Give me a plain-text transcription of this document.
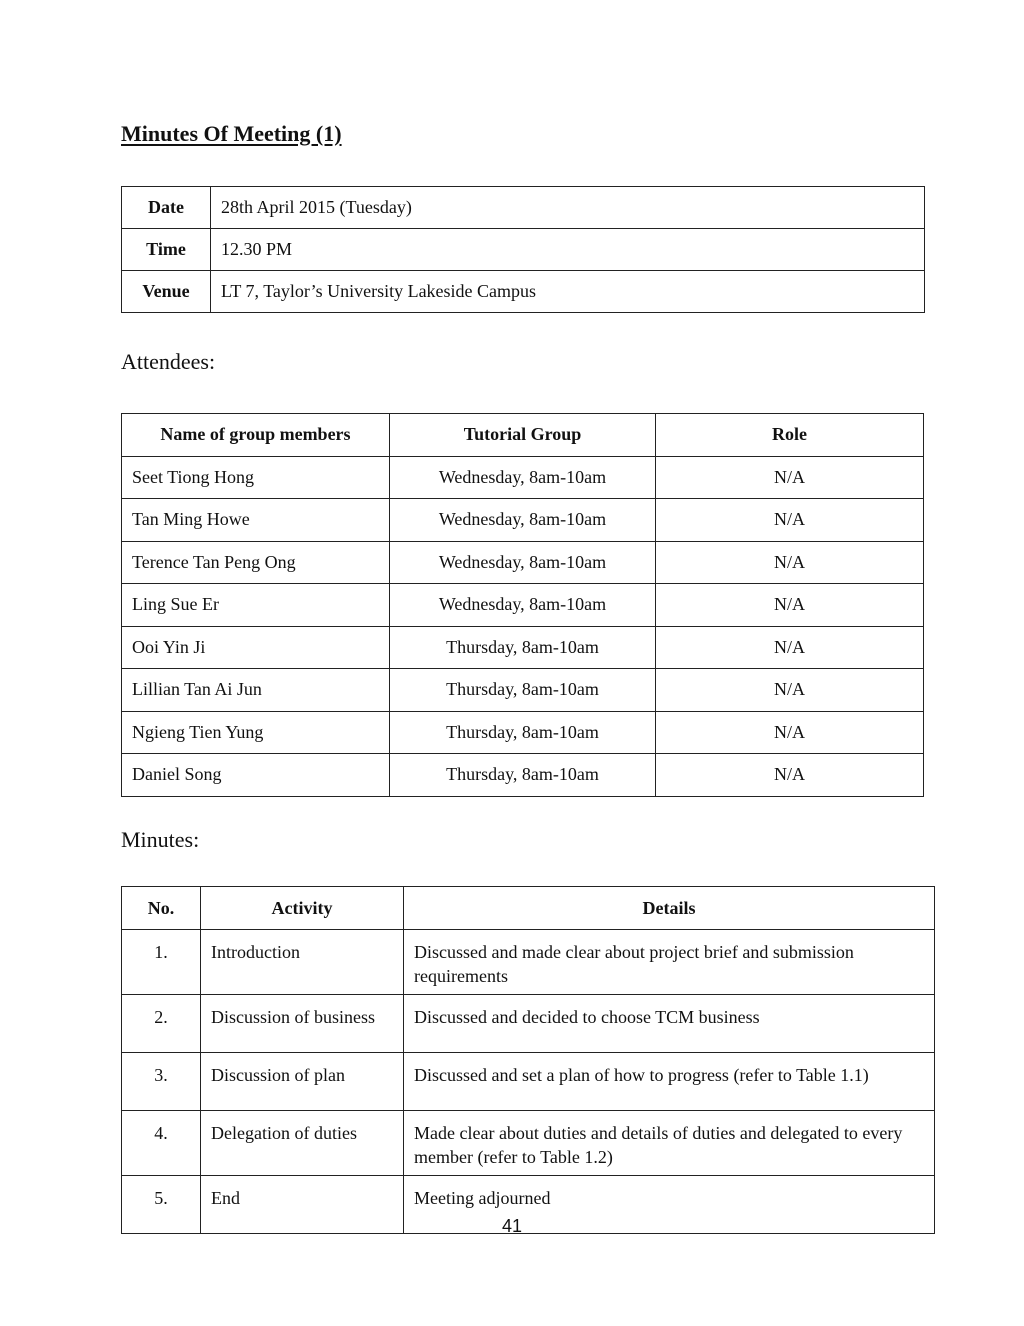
Minutes Of Meeting (1)
Date	28th April 2015 (Tuesday)
Time	12.30 PM
Venue	LT 7, Taylor’s University Lakeside Campus
Attendees:
Name of group members	Tutorial Group	Role
Seet Tiong Hong	Wednesday, 8am-10am	N/A
Tan Ming Howe	Wednesday, 8am-10am	N/A
Terence Tan Peng Ong	Wednesday, 8am-10am	N/A
Ling Sue Er	Wednesday, 8am-10am	N/A
Ooi Yin Ji	Thursday, 8am-10am	N/A
Lillian Tan Ai Jun	Thursday, 8am-10am	N/A
Ngieng Tien Yung	Thursday, 8am-10am	N/A
Daniel Song	Thursday, 8am-10am	N/A
Minutes:
No.	Activity	Details
1.	Introduction	Discussed and made clear about project brief and submission requirements
2.	Discussion of business	Discussed and decided to choose TCM business
3.	Discussion of plan	Discussed and set a plan of how to progress (refer to Table 1.1)
4.	Delegation of duties	Made clear about duties and details of duties and delegated to every member (refer to Table 1.2)
5.	End	Meeting adjourned
41
